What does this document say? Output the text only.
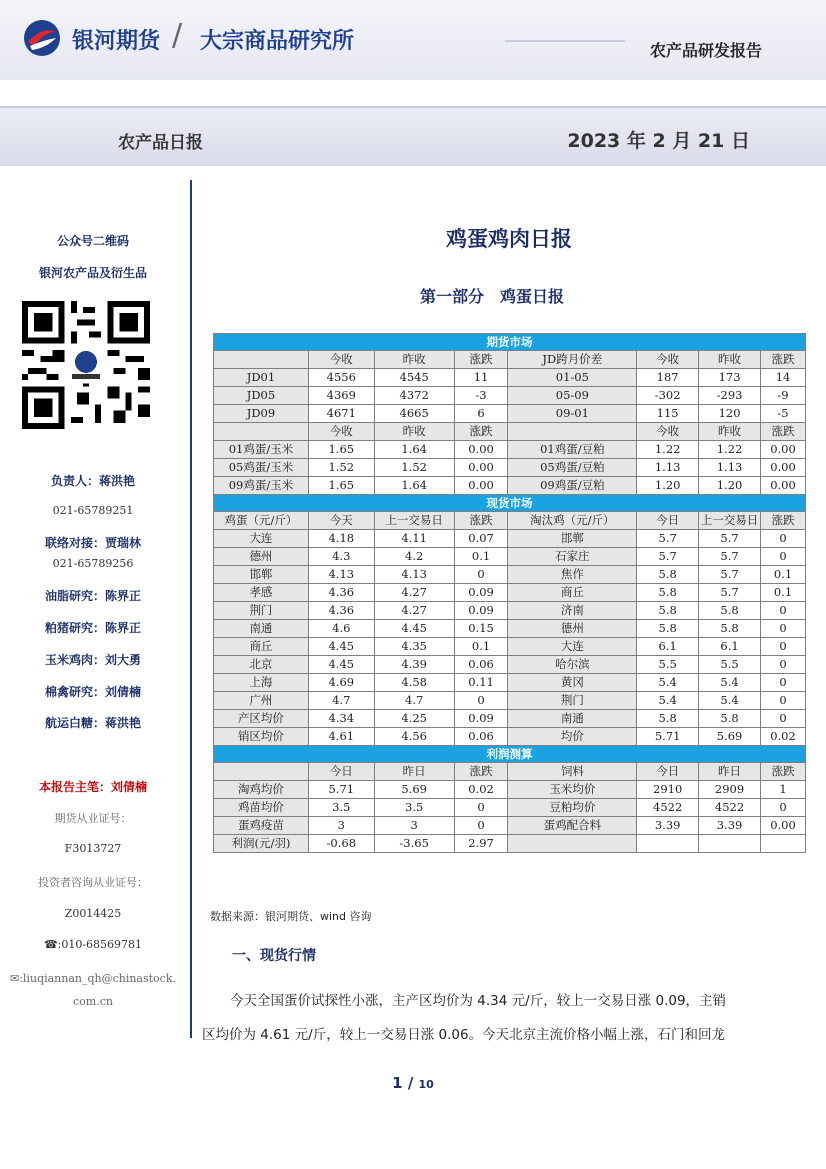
银河期货 / 大宗商品研究所	农产品研发报告
农产品日报	2023 年 2 月 21 日
公众号二维码
银河农产品及衍生品
负责人：蒋洪艳
021-65789251
联络对接：贾瑞林
021-65789256
油脂研究：陈界正
粕猪研究：陈界正
玉米鸡肉：刘大勇
棉禽研究：刘倩楠
航运白糖：蒋洪艳
本报告主笔：刘倩楠
期货从业证号：
F3013727
投资者咨询从业证号：
Z0014425
☎:010-68569781
✉:liuqiannan_qh@chinastock.
com.cn
鸡蛋鸡肉日报
第一部分　鸡蛋日报
期货市场							
	今收	昨收	涨跌	JD跨月价差	今收	昨收	涨跌
JD01	4556	4545	11	01-05	187	173	14
JD05	4369	4372	-3	05-09	-302	-293	-9
JD09	4671	4665	6	09-01	115	120	-5
	今收	昨收	涨跌		今收	昨收	涨跌
01鸡蛋/玉米	1.65	1.64	0.00	01鸡蛋/豆粕	1.22	1.22	0.00
05鸡蛋/玉米	1.52	1.52	0.00	05鸡蛋/豆粕	1.13	1.13	0.00
09鸡蛋/玉米	1.65	1.64	0.00	09鸡蛋/豆粕	1.20	1.20	0.00
现货市场							
鸡蛋（元/斤）	今天	上一交易日	涨跌	淘汰鸡（元/斤）	今日	上一交易日	涨跌
大连	4.18	4.11	0.07	邯郸	5.7	5.7	0
德州	4.3	4.2	0.1	石家庄	5.7	5.7	0
邯郸	4.13	4.13	0	焦作	5.8	5.7	0.1
孝感	4.36	4.27	0.09	商丘	5.8	5.7	0.1
荆门	4.36	4.27	0.09	济南	5.8	5.8	0
南通	4.6	4.45	0.15	德州	5.8	5.8	0
商丘	4.45	4.35	0.1	大连	6.1	6.1	0
北京	4.45	4.39	0.06	哈尔滨	5.5	5.5	0
上海	4.69	4.58	0.11	黄冈	5.4	5.4	0
广州	4.7	4.7	0	荆门	5.4	5.4	0
产区均价	4.34	4.25	0.09	南通	5.8	5.8	0
销区均价	4.61	4.56	0.06	均价	5.71	5.69	0.02
利润测算							
	今日	昨日	涨跌	饲料	今日	昨日	涨跌
淘鸡均价	5.71	5.69	0.02	玉米均价	2910	2909	1
鸡苗均价	3.5	3.5	0	豆粕均价	4522	4522	0
蛋鸡疫苗	3	3	0	蛋鸡配合料	3.39	3.39	0.00
利润(元/羽)	-0.68	-3.65	2.97				
数据来源：银河期货、wind 咨询
一、现货行情
今天全国蛋价试探性小涨，主产区均价为 4.34 元/斤，较上一交易日涨 0.09，主销
区均价为 4.61 元/斤，较上一交易日涨 0.06。今天北京主流价格小幅上涨，石门和回龙
1 / 10
